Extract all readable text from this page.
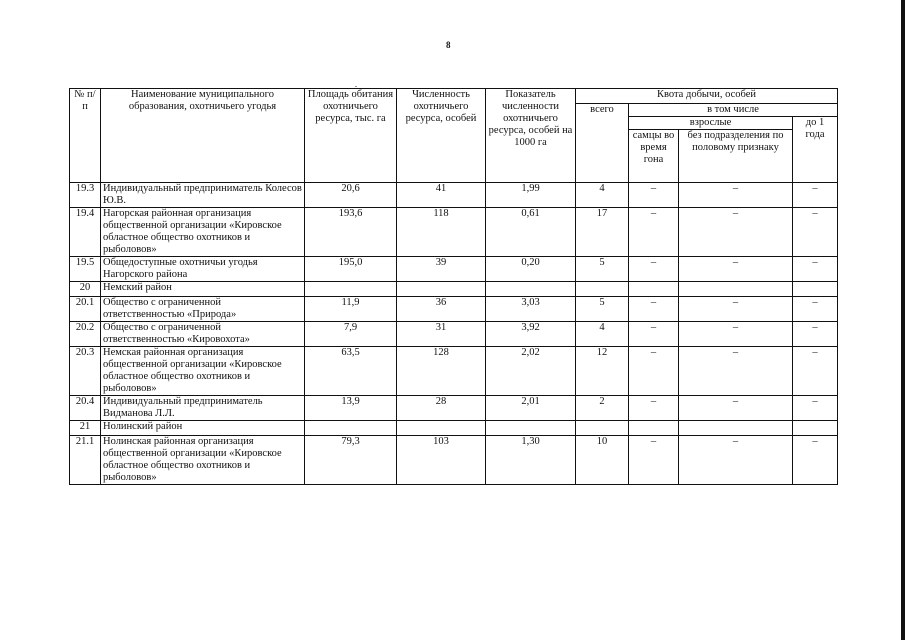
8
№ п/п	Наименование муниципального образования, охотничьего угодья	Площадь обитания охотничьего ресурса, тыс. га	Численность охотничьего ресурса, особей	Показатель численности охотничьего ресурса, особей на 1000 га	Квота добычи, особей			
					всего	в том числе		
						взрослые		до 1 года
						самцы во время гона	без подразделения по половому признаку	
19.3	Индивидуальный предприниматель Колесов Ю.В.	20,6	41	1,99	4	–	–	–
19.4	Нагорская районная организация общественной организации «Кировское областное общество охотников и рыболовов»	193,6	118	0,61	17	–	–	–
19.5	Общедоступные охотничьи угодья Нагорского района	195,0	39	0,20	5	–	–	–
20	Немский район							
20.1	Общество с ограниченной ответственностью «Природа»	11,9	36	3,03	5	–	–	–
20.2	Общество с ограниченной ответственностью «Кировохота»	7,9	31	3,92	4	–	–	–
20.3	Немская районная организация общественной организации «Кировское областное общество охотников и рыболовов»	63,5	128	2,02	12	–	–	–
20.4	Индивидуальный предприниматель Видманова Л.Л.	13,9	28	2,01	2	–	–	–
21	Нолинский район							
21.1	Нолинская районная организация общественной организации «Кировское областное общество охотников и рыболовов»	79,3	103	1,30	10	–	–	–
